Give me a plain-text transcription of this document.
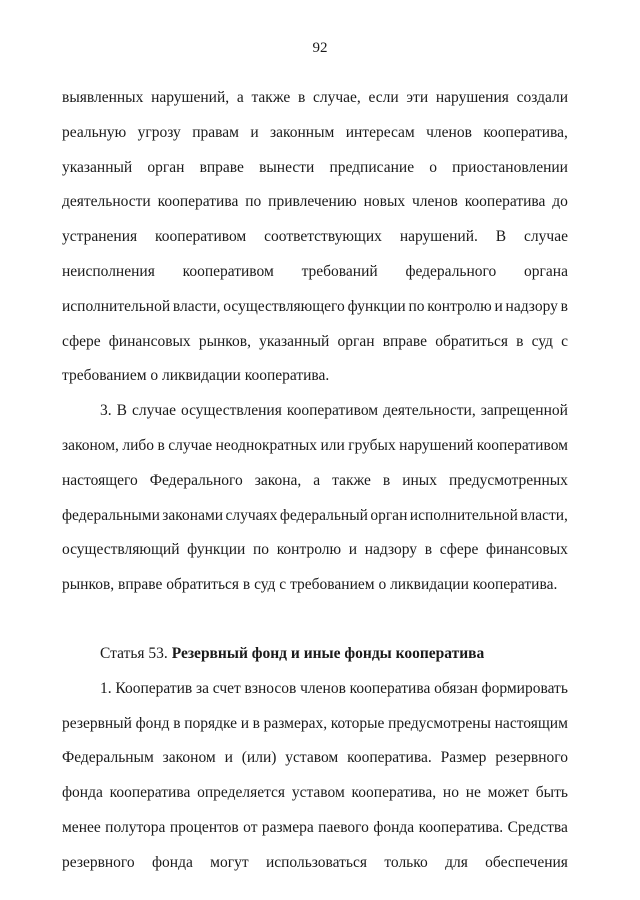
92
выявленных нарушений, а также в случае, если эти нарушения создали
реальную угрозу правам и законным интересам членов кооператива,
указанный орган вправе вынести предписание о приостановлении
деятельности кооператива по привлечению новых членов кооператива до
устранения кооперативом соответствующих нарушений. В случае
неисполнения кооперативом требований федерального органа
исполнительной власти, осуществляющего функции по контролю и надзору в
сфере финансовых рынков, указанный орган вправе обратиться в суд с
требованием о ликвидации кооператива.
3. В случае осуществления кооперативом деятельности, запрещенной
законом, либо в случае неоднократных или грубых нарушений кооперативом
настоящего Федерального закона, а также в иных предусмотренных
федеральными законами случаях федеральный орган исполнительной власти,
осуществляющий функции по контролю и надзору в сфере финансовых
рынков, вправе обратиться в суд с требованием о ликвидации кооператива.
Статья 53. Резервный фонд и иные фонды кооператива
1. Кооператив за счет взносов членов кооператива обязан формировать
резервный фонд в порядке и в размерах, которые предусмотрены настоящим
Федеральным законом и (или) уставом кооператива. Размер резервного
фонда кооператива определяется уставом кооператива, но не может быть
менее полутора процентов от размера паевого фонда кооператива. Средства
резервного фонда могут использоваться только для обеспечения
